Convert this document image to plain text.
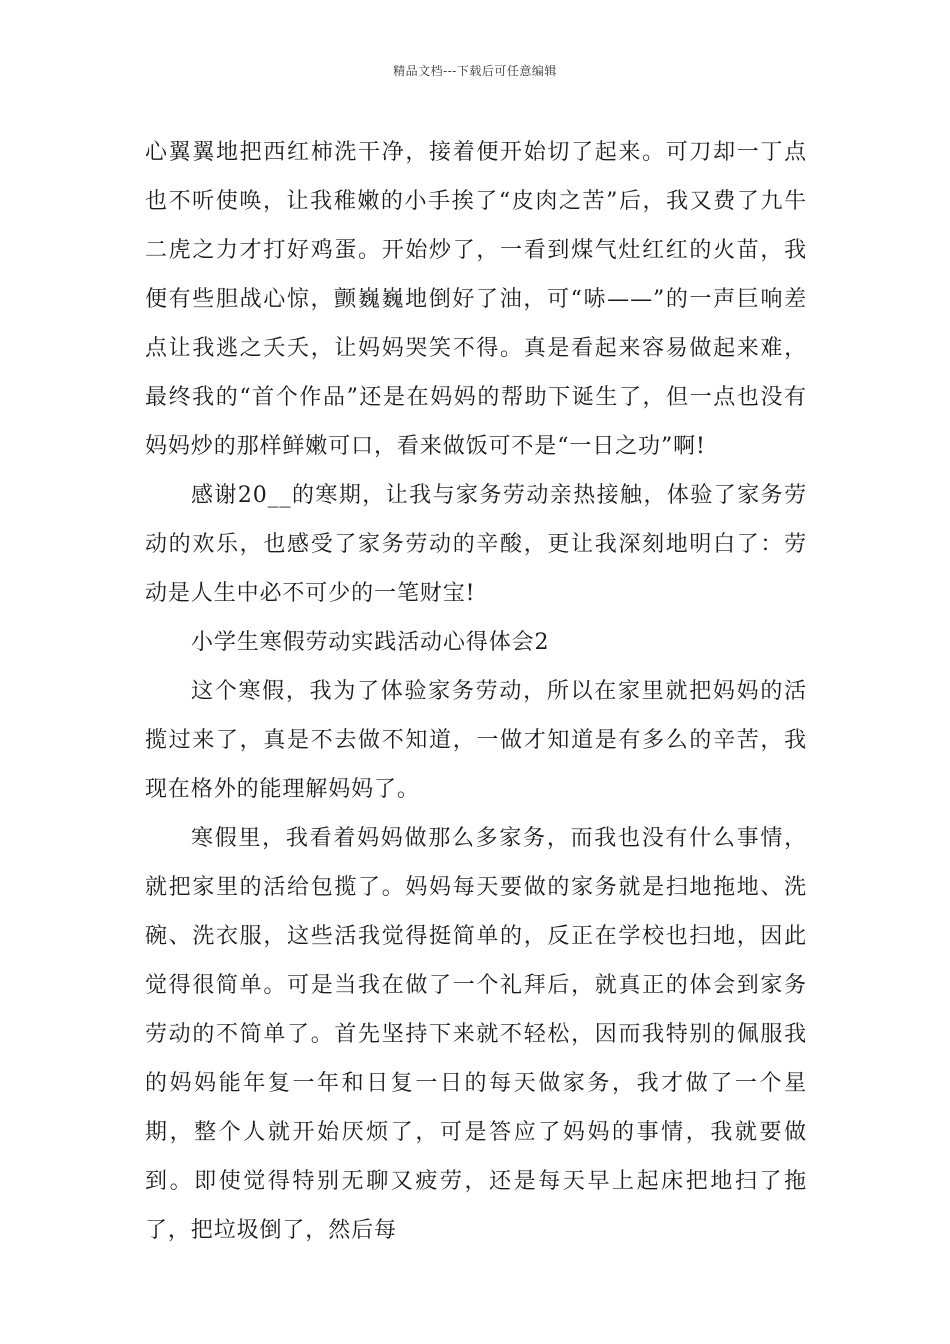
精品文档---下载后可任意编辑

心翼翼地把西红柿洗干净，接着便开始切了起来。可刀却一丁点也不听使唤，让我稚嫩的小手挨了“皮肉之苦”后，我又费了九牛二虎之力才打好鸡蛋。开始炒了，一看到煤气灶红红的火苗，我便有些胆战心惊，颤巍巍地倒好了油，可“哧——”的一声巨响差点让我逃之夭夭，让妈妈哭笑不得。真是看起来容易做起来难，最终我的“首个作品”还是在妈妈的帮助下诞生了，但一点也没有妈妈炒的那样鲜嫩可口，看来做饭可不是“一日之功”啊!

感谢20__的寒期，让我与家务劳动亲热接触，体验了家务劳动的欢乐，也感受了家务劳动的辛酸，更让我深刻地明白了：劳动是人生中必不可少的一笔财宝!

小学生寒假劳动实践活动心得体会2

这个寒假，我为了体验家务劳动，所以在家里就把妈妈的活揽过来了，真是不去做不知道，一做才知道是有多么的辛苦，我现在格外的能理解妈妈了。

寒假里，我看着妈妈做那么多家务，而我也没有什么事情，就把家里的活给包揽了。妈妈每天要做的家务就是扫地拖地、洗碗、洗衣服，这些活我觉得挺简单的，反正在学校也扫地，因此觉得很简单。可是当我在做了一个礼拜后，就真正的体会到家务劳动的不简单了。首先坚持下来就不轻松，因而我特别的佩服我的妈妈能年复一年和日复一日的每天做家务，我才做了一个星期，整个人就开始厌烦了，可是答应了妈妈的事情，我就要做到。即使觉得特别无聊又疲劳，还是每天早上起床把地扫了拖了，把垃圾倒了，然后每
